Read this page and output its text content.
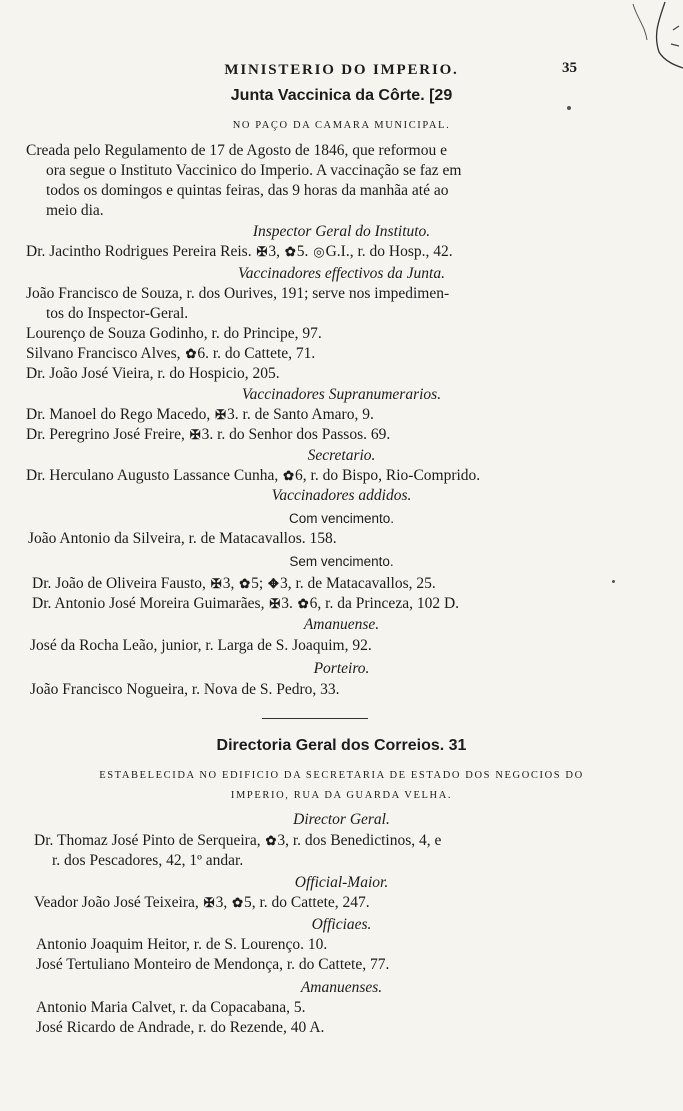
35
MINISTERIO DO IMPERIO.
Junta Vaccinica da Côrte. [29
NO PAÇO DA CAMARA MUNICIPAL.
Creada pelo Regulamento de 17 de Agosto de 1846, que reformou e
ora segue o Instituto Vaccinico do Imperio. A vaccinação se faz em
todos os domingos e quintas feiras, das 9 horas da manhãa até ao
meio dia.
Inspector Geral do Instituto.
Dr. Jacintho Rodrigues Pereira Reis. ✠3, ✿5. ◎G.I., r. do Hosp., 42.
Vaccinadores effectivos da Junta.
João Francisco de Souza, r. dos Ourives, 191; serve nos impedimen-
tos do Inspector-Geral.
Lourenço de Souza Godinho, r. do Principe, 97.
Silvano Francisco Alves, ✿6. r. do Cattete, 71.
Dr. João José Vieira, r. do Hospicio, 205.
Vaccinadores Supranumerarios.
Dr. Manoel do Rego Macedo, ✠3. r. de Santo Amaro, 9.
Dr. Peregrino José Freire, ✠3. r. do Senhor dos Passos. 69.
Secretario.
Dr. Herculano Augusto Lassance Cunha, ✿6, r. do Bispo, Rio-Comprido.
Vaccinadores addidos.
Com vencimento.
João Antonio da Silveira, r. de Matacavallos. 158.
Sem vencimento.
Dr. João de Oliveira Fausto, ✠3, ✿5; ✥3, r. de Matacavallos, 25.
Dr. Antonio José Moreira Guimarães, ✠3. ✿6, r. da Princeza, 102 D.
Amanuense.
José da Rocha Leão, junior, r. Larga de S. Joaquim, 92.
Porteiro.
João Francisco Nogueira, r. Nova de S. Pedro, 33.
Directoria Geral dos Correios. 31
ESTABELECIDA NO EDIFICIO DA SECRETARIA DE ESTADO DOS NEGOCIOS DO
IMPERIO, RUA DA GUARDA VELHA.
Director Geral.
Dr. Thomaz José Pinto de Serqueira, ✿3, r. dos Benedictinos, 4, e
r. dos Pescadores, 42, 1º andar.
Official-Maior.
Veador João José Teixeira, ✠3, ✿5, r. do Cattete, 247.
Officiaes.
Antonio Joaquim Heitor, r. de S. Lourenço. 10.
José Tertuliano Monteiro de Mendonça, r. do Cattete, 77.
Amanuenses.
Antonio Maria Calvet, r. da Copacabana, 5.
José Ricardo de Andrade, r. do Rezende, 40 A.
